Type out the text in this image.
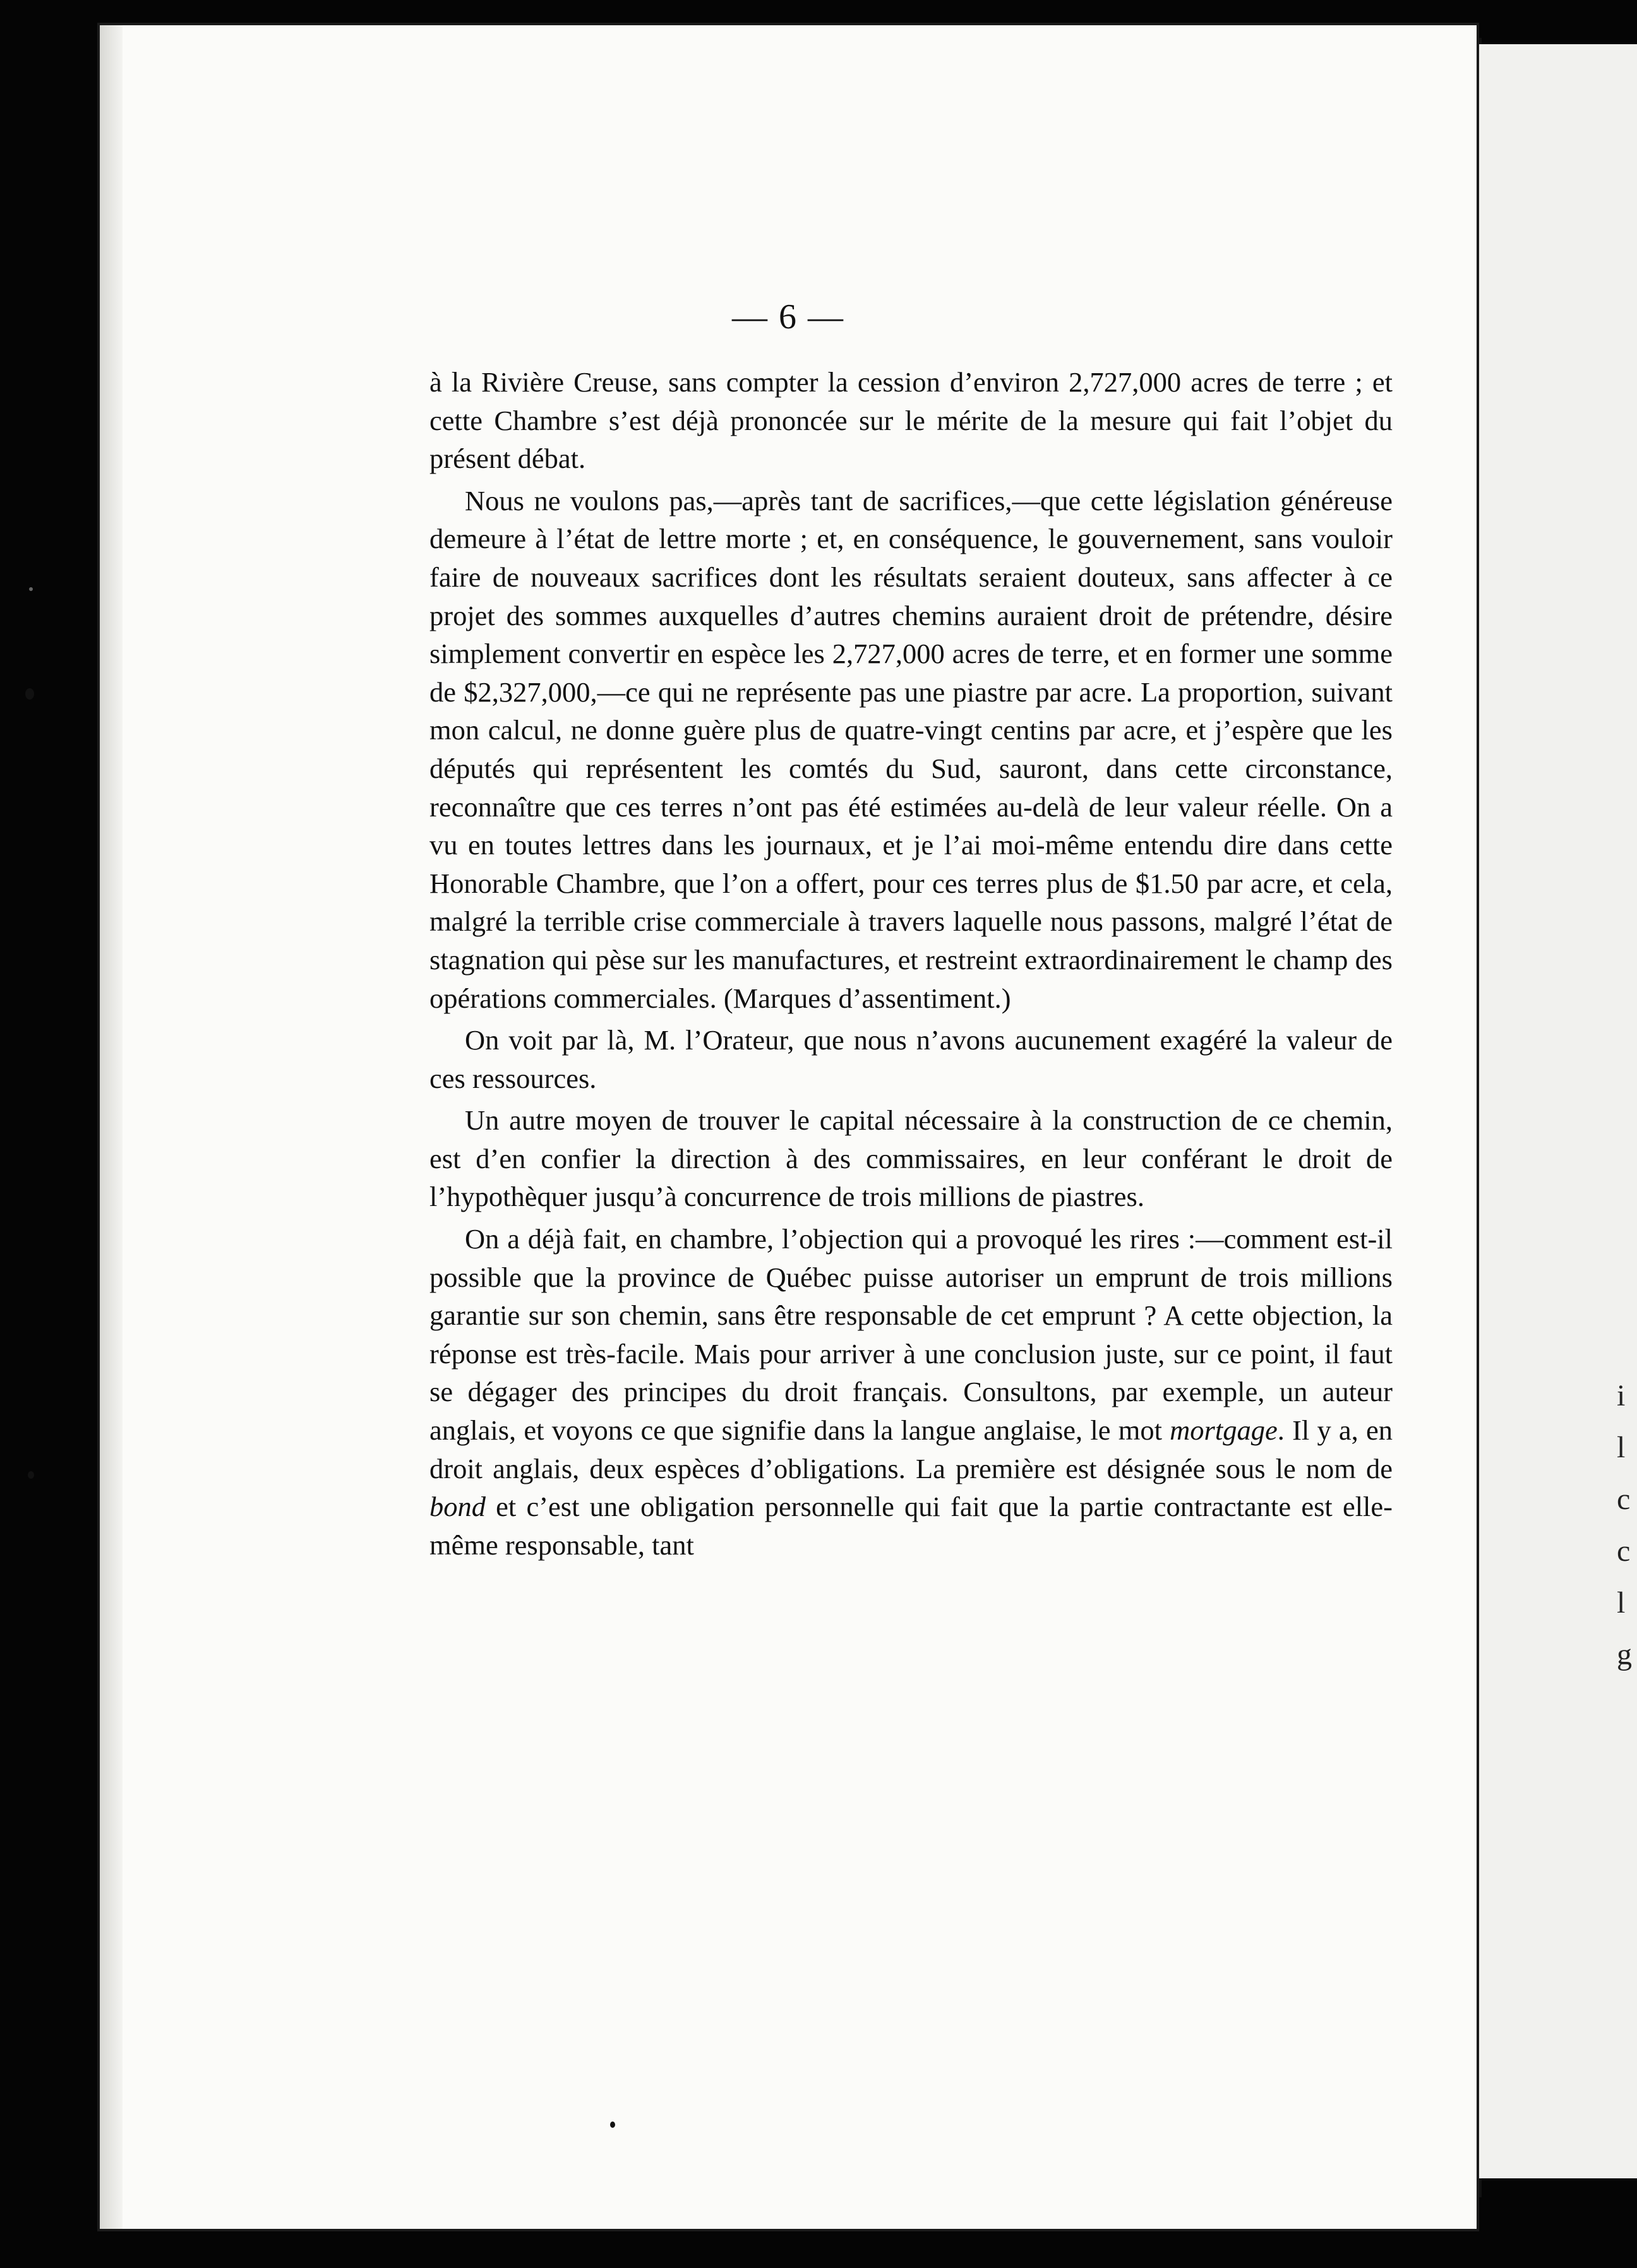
i
l
c
c
l
g
— 6 —

à la Rivière Creuse, sans compter la cession d’environ 2,727,000 acres de terre ; et cette Chambre s’est déjà prononcée sur le mérite de la mesure qui fait l’objet du présent débat.

Nous ne voulons pas,—après tant de sacrifices,—que cette législation généreuse demeure à l’état de lettre morte ; et, en conséquence, le gouvernement, sans vouloir faire de nouveaux sacrifices dont les résultats seraient douteux, sans affecter à ce projet des sommes auxquelles d’autres chemins auraient droit de prétendre, désire simplement convertir en espèce les 2,727,000 acres de terre, et en former une somme de $2,327,000,—ce qui ne représente pas une piastre par acre. La proportion, suivant mon calcul, ne donne guère plus de quatre-vingt centins par acre, et j’espère que les députés qui représentent les comtés du Sud, sauront, dans cette circonstance, reconnaître que ces terres n’ont pas été estimées au-delà de leur valeur réelle. On a vu en toutes lettres dans les journaux, et je l’ai moi-même entendu dire dans cette Honorable Chambre, que l’on a offert, pour ces terres plus de $1.50 par acre, et cela, malgré la terrible crise commerciale à travers laquelle nous passons, malgré l’état de stagnation qui pèse sur les manufactures, et restreint extraordinairement le champ des opérations commerciales. (Marques d’assentiment.)

On voit par là, M. l’Orateur, que nous n’avons aucunement exagéré la valeur de ces ressources.

Un autre moyen de trouver le capital nécessaire à la construction de ce chemin, est d’en confier la direction à des commissaires, en leur conférant le droit de l’hypothèquer jusqu’à concurrence de trois millions de piastres.

On a déjà fait, en chambre, l’objection qui a provoqué les rires :—comment est-il possible que la province de Québec puisse autoriser un emprunt de trois millions garantie sur son chemin, sans être responsable de cet emprunt ? A cette objection, la réponse est très-facile. Mais pour arriver à une conclusion juste, sur ce point, il faut se dégager des principes du droit français. Consultons, par exemple, un auteur anglais, et voyons ce que signifie dans la langue anglaise, le mot mortgage. Il y a, en droit anglais, deux espèces d’obligations. La première est désignée sous le nom de bond et c’est une obligation personnelle qui fait que la partie contractante est elle-même responsable, tant
